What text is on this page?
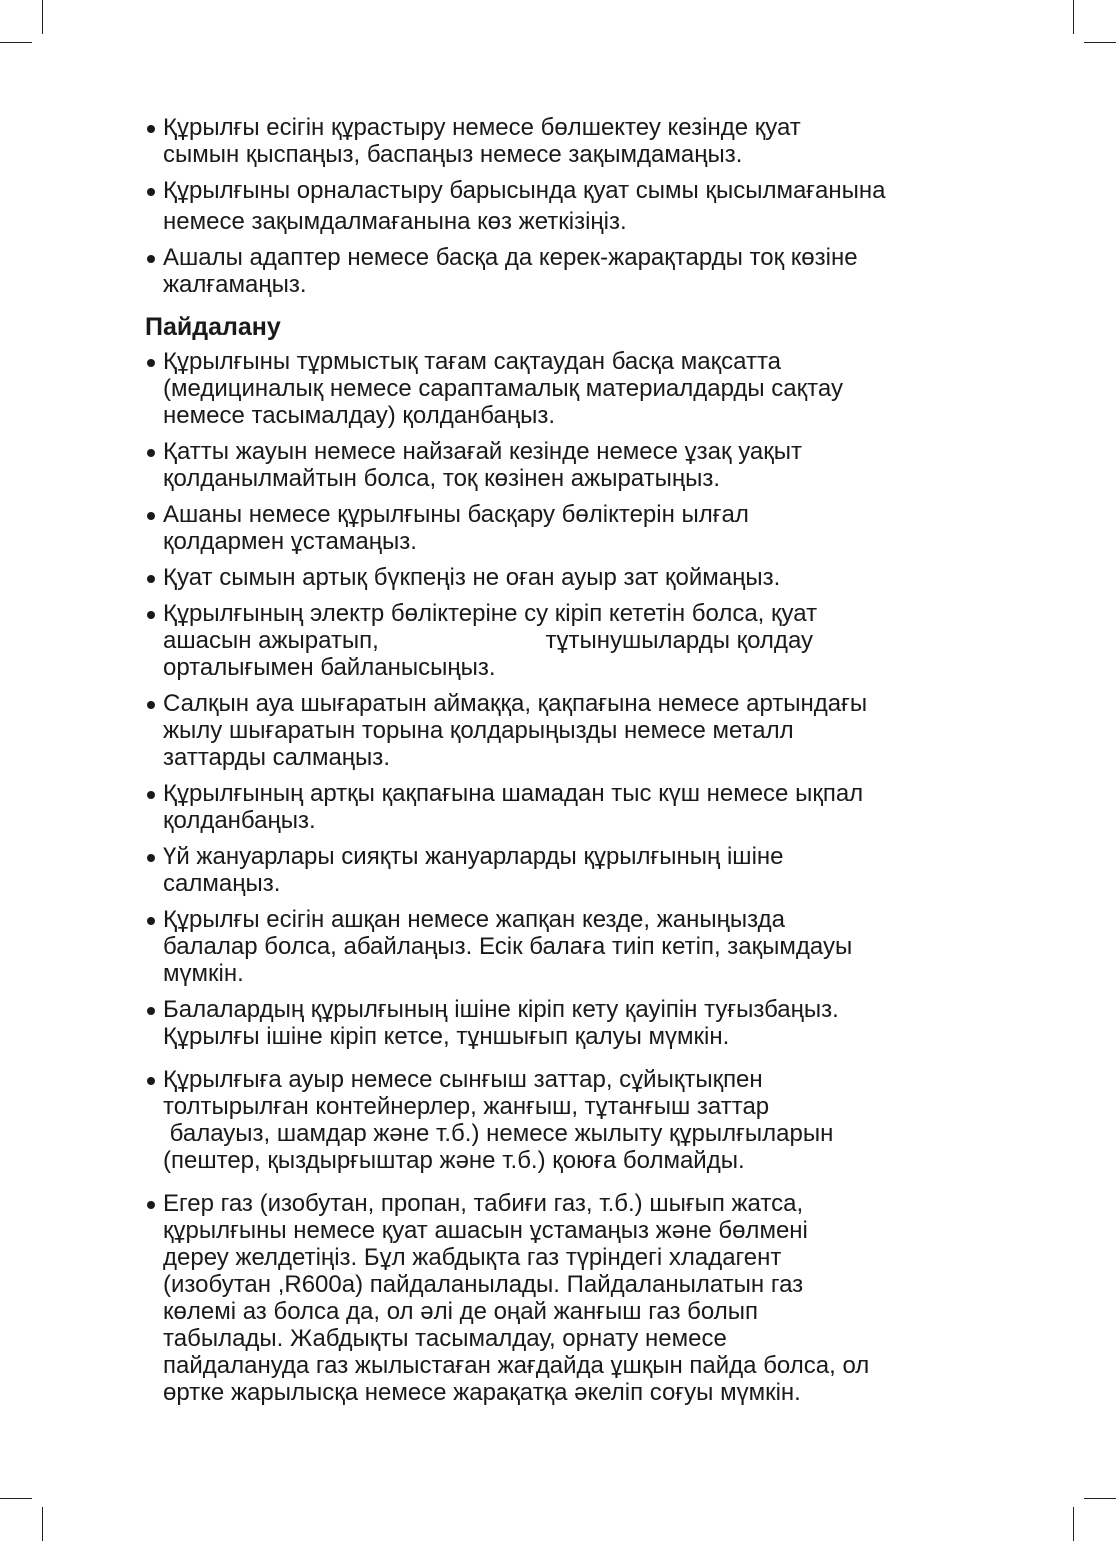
Құрылғы есігін құрастыру немесе бөлшектеу кезінде қуат
сымын қыспаңыз, баспаңыз немесе зақымдамаңыз.
Құрылғыны орналастыру барысында қуат сымы қысылмағанына
немесе зақымдалмағанына көз жеткізіңіз.
Ашалы адаптер немесе басқа да керек-жарақтарды тоқ көзіне
жалғамаңыз.
Пайдалану
Құрылғыны тұрмыстық тағам сақтаудан басқа мақсатта
(медициналық немесе сараптамалық материалдарды сақтау
немесе тасымалдау) қолданбаңыз.
Қатты жауын немесе найзағай кезінде немесе ұзақ уақыт
қолданылмайтын болса, тоқ көзінен ажыратыңыз.
Ашаны немесе құрылғыны басқару бөліктерін ылғал
қолдармен ұстамаңыз.
Қуат сымын артық бүкпеңіз не оған ауыр зат қоймаңыз.
Құрылғының электр бөліктеріне су кіріп кететін болса, қуат
ашасын ажыратып,                         тұтынушыларды қолдау
орталығымен байланысыңыз.
Салқын ауа шығаратын аймаққа, қақпағына немесе артындағы
жылу шығаратын торына қолдарыңызды немесе металл
заттарды салмаңыз.
Құрылғының артқы қақпағына шамадан тыс күш немесе ықпал
қолданбаңыз.
Үй жануарлары сияқты жануарларды құрылғының ішіне
салмаңыз.
Құрылғы есігін ашқан немесе жапқан кезде, жаныңызда
балалар болса, абайлаңыз. Есік балаға тиіп кетіп, зақымдауы
мүмкін.
Балалардың құрылғының ішіне кіріп кету қауіпін туғызбаңыз.
Құрылғы ішіне кіріп кетсе, тұншығып қалуы мүмкін.
Құрылғыға ауыр немесе сынғыш заттар, сұйықтықпен
толтырылған контейнерлер, жанғыш, тұтанғыш заттар
балауыз, шамдар және т.б.) немесе жылыту құрылғыларын
(пештер, қыздырғыштар және т.б.) қоюға болмайды.
Егер газ (изобутан, пропан, табиғи газ, т.б.) шығып жатса,
құрылғыны немесе қуат ашасын ұстамаңыз және бөлмені
дереу желдетіңіз. Бұл жабдықта газ түріндегі хладагент
(изобутан ,R600a) пайдаланылады. Пайдаланылатын газ
көлемі аз болса да, ол әлі де оңай жанғыш газ болып
табылады. Жабдықты тасымалдау, орнату немесе
пайдалануда газ жылыстаған жағдайда ұшқын пайда болса, ол
өртке жарылысқа немесе жарақатқа әкеліп соғуы мүмкін.
